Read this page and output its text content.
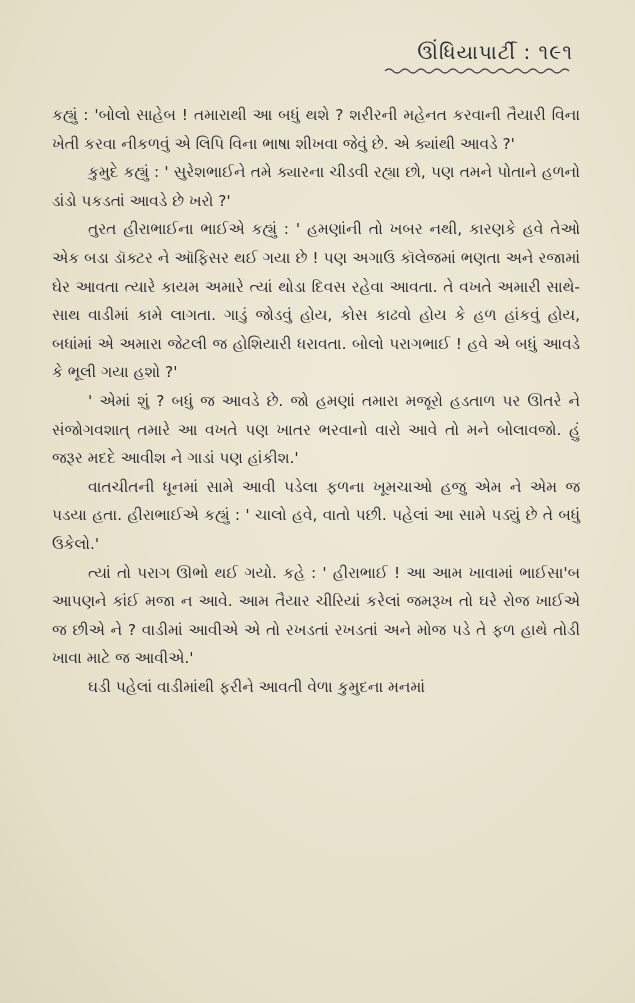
ઊંધિયાપાર્ટી : ૧૯૧

કહ્યું : 'બોલો સાહેબ ! તમારાથી આ બધું થશે ? શરીરની મહેનત કરવાની તૈયારી વિના ખેતી કરવા નીકળવું એ લિપિ વિના ભાષા શીખવા જેવું છે. એ ક્યાંથી આવડે ?'

કુમુદે કહ્યું : ' સુરેશભાઈને તમે ક્યારના ચીડવી રહ્યા છો, પણ તમને પોતાને હળનો ડાંડો પકડતાં આવડે છે ખરો ?'

તુરત હીરાભાઈના ભાઈએ કહ્યું : ' હમણાંની તો ખબર નથી, કારણકે હવે તેઓ એક બડા ડૉક્ટર ને ઑફિસર થઈ ગયા છે ! પણ અગાઉ કૉલેજમાં ભણતા અને રજામાં ઘેર આવતા ત્યારે કાયમ અમારે ત્યાં થોડા દિવસ રહેવા આવતા. તે વખતે અમારી સાથે-સાથ વાડીમાં કામે લાગતા. ગાડું જોડવું હોય, કોસ કાઢવો હોય કે હળ હાંકવું હોય, બધાંમાં એ અમારા જેટલી જ હોશિયારી ધરાવતા. બોલો પરાગભાઈ ! હવે એ બધું આવડે કે ભૂલી ગયા હશો ?'

' એમાં શું ? બધું જ આવડે છે. જો હમણાં તમારા મજૂરો હડતાળ પર ઊતરે ને સંજોગવશાત્ તમારે આ વખતે પણ ખાતર ભરવાનો વારો આવે તો મને બોલાવજો. હું જરૂર મદદે આવીશ ને ગાડાં પણ હાંકીશ.'

વાતચીતની ધૂનમાં સામે આવી પડેલા ફળના ખૂમચાઓ હજુ એમ ને એમ જ પડયા હતા. હીરાભાઈએ કહ્યું : ' ચાલો હવે, વાતો પછી. પહેલાં આ સામે પડ્યું છે તે બધું ઉકેલો.'

ત્યાં તો પરાગ ઊભો થઈ ગયો. કહે : ' હીરાભાઈ ! આ આમ ખાવામાં ભાઈસા'બ આપણને કાંઈ મજા ન આવે. આમ તૈયાર ચીરિયાં કરેલાં જમરૂખ તો ઘરે રોજ ખાઈએ જ છીએ ને ? વાડીમાં આવીએ એ તો રખડતાં રખડતાં અને મોજ પડે તે ફળ હાથે તોડી ખાવા માટે જ આવીએ.'

ઘડી પહેલાં વાડીમાંથી ફરીને આવતી વેળા કુમુદના મનમાં
